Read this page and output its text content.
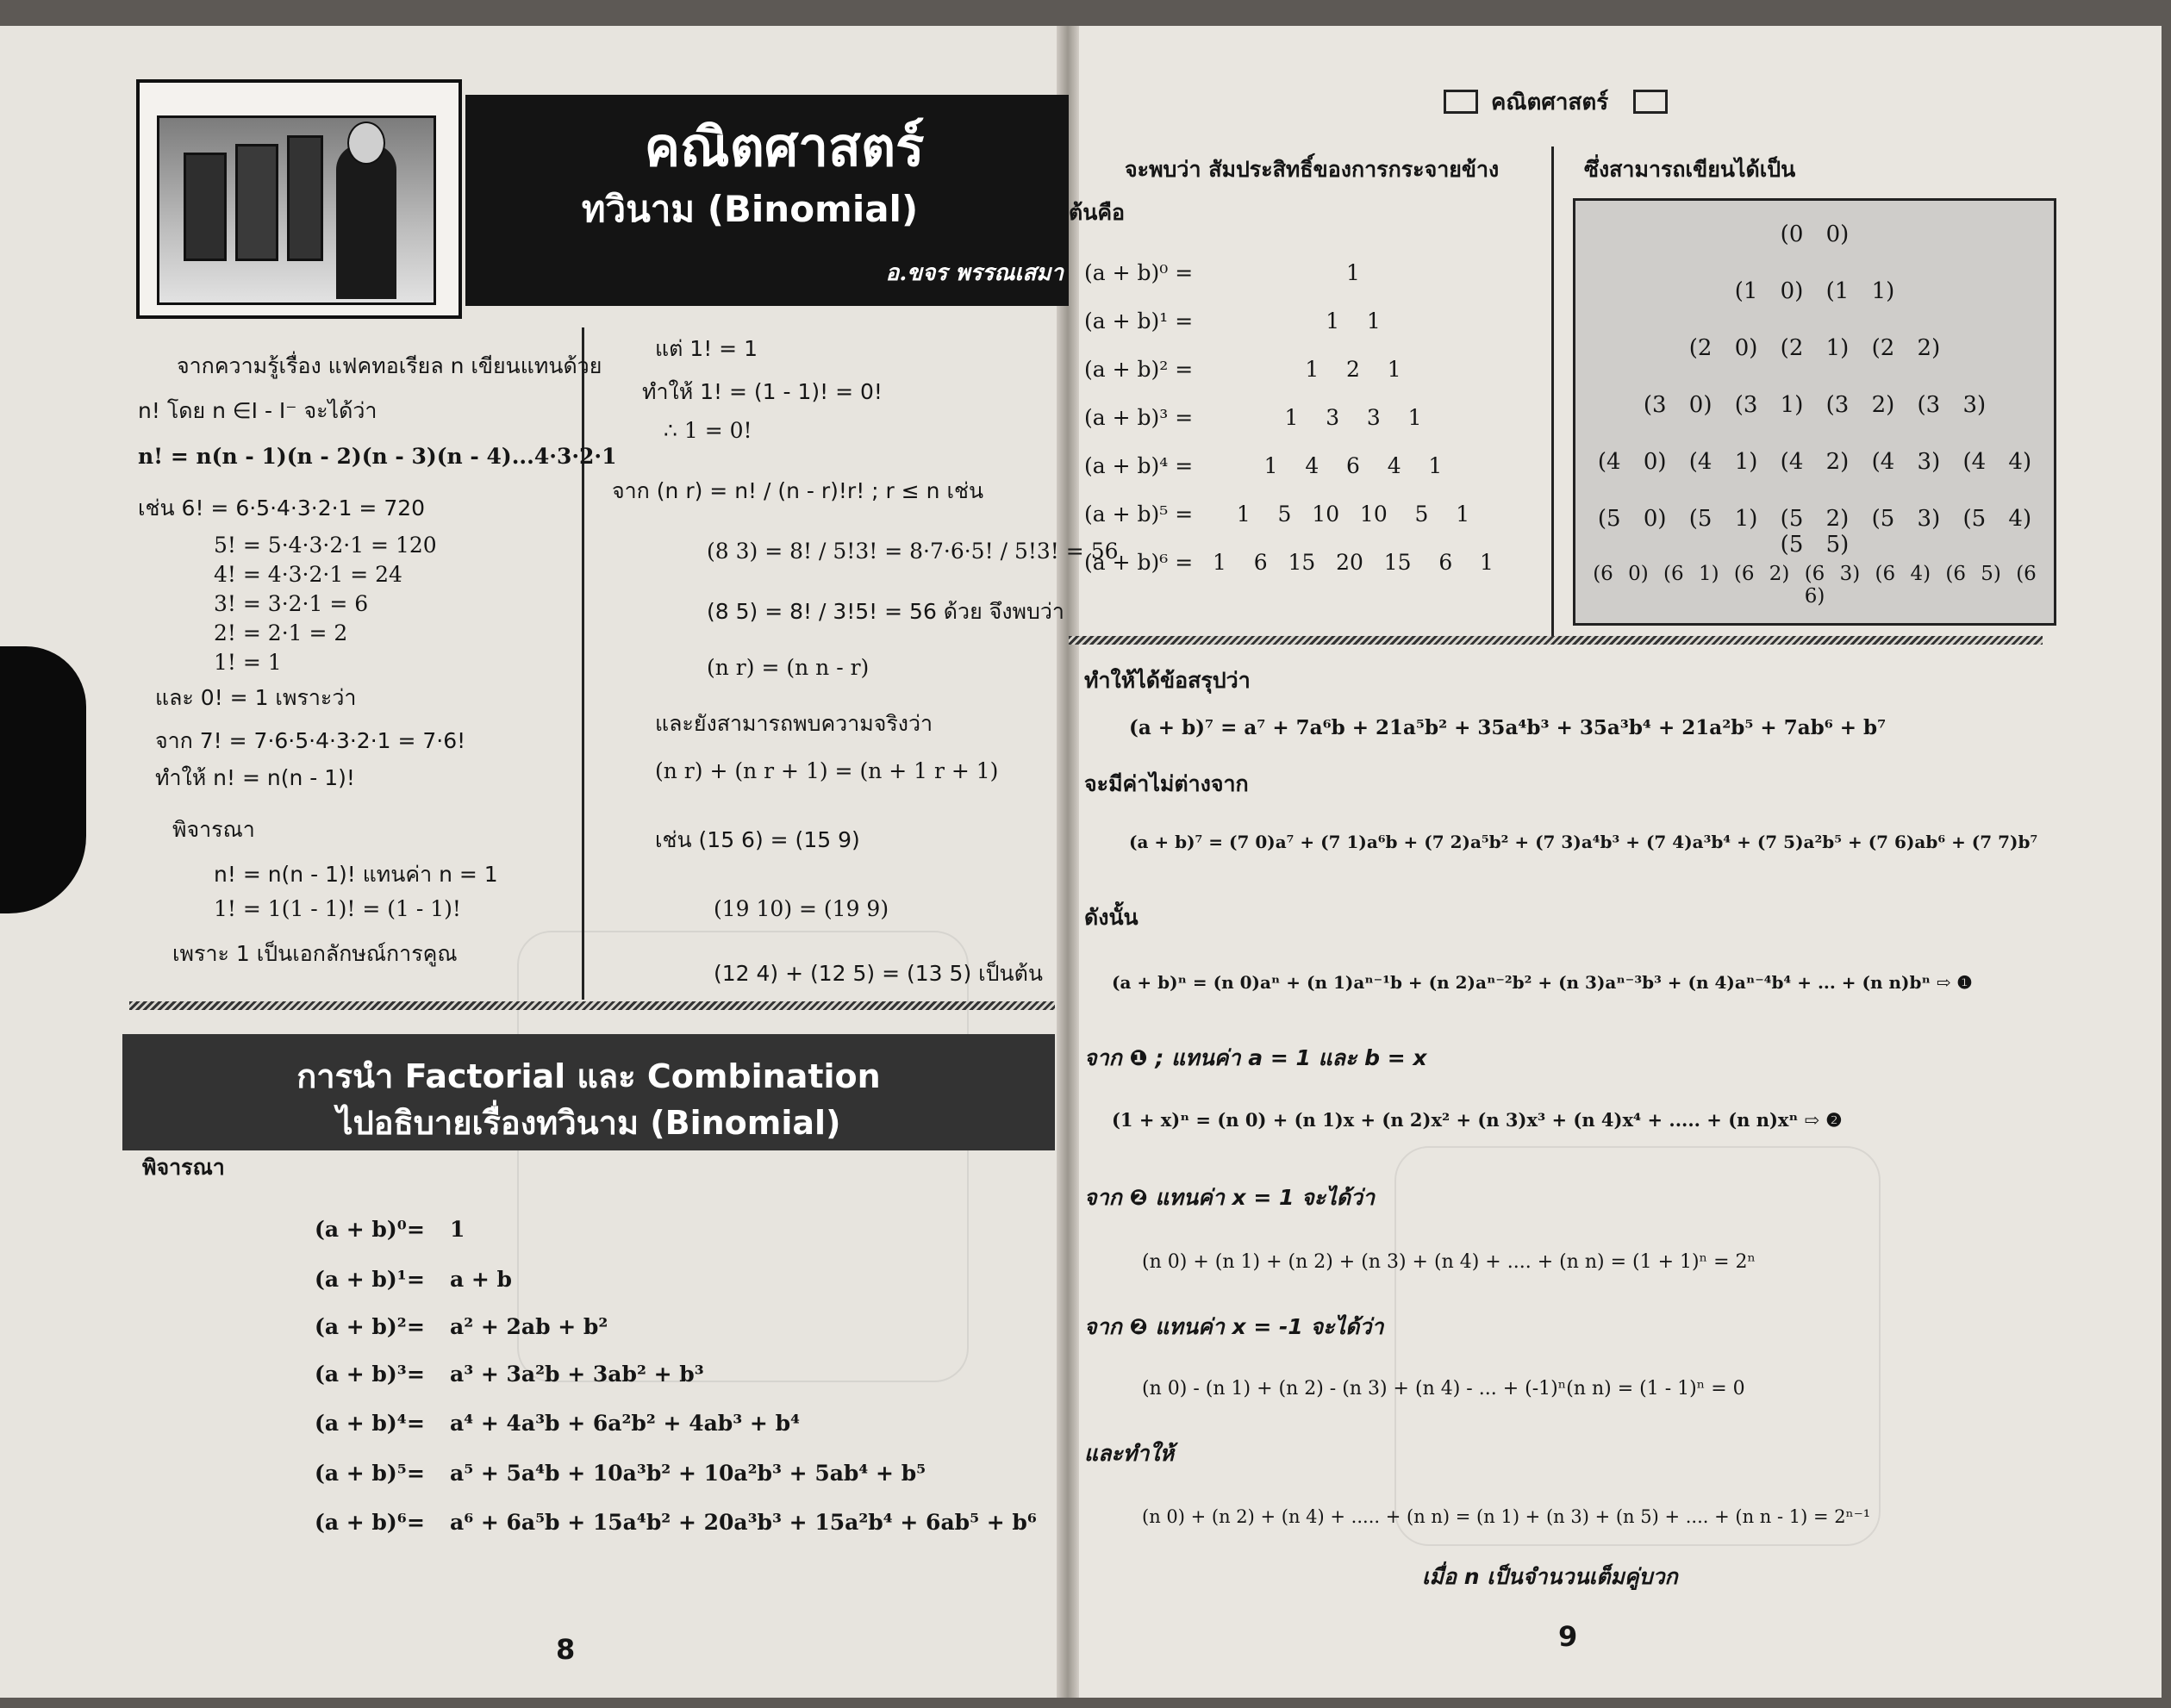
คณิตศาสตร์
ทวินาม (Binomial)
อ.ขจร พรรณเสมา
จากความรู้เรื่อง แฟคทอเรียล n เขียนแทนด้วย
n! โดย n ∈I - I⁻ จะได้ว่า
n! = n(n - 1)(n - 2)(n - 3)(n - 4)...4·3·2·1
เช่น 6! = 6·5·4·3·2·1 = 720
5! = 5·4·3·2·1 = 120
4! = 4·3·2·1 = 24
3! = 3·2·1 = 6
2! = 2·1 = 2
1! = 1
และ 0! = 1 เพราะว่า
จาก 7! = 7·6·5·4·3·2·1 = 7·6!
ทำให้ n! = n(n - 1)!
พิจารณา
n! = n(n - 1)! แทนค่า n = 1
1! = 1(1 - 1)! = (1 - 1)!
เพราะ 1 เป็นเอกลักษณ์การคูณ
แต่ 1! = 1
ทำให้ 1! = (1 - 1)! = 0!
∴ 1 = 0!
จาก (n r) = n! / (n - r)!r! ; r ≤ n เช่น
(8 3) = 8! / 5!3! = 8·7·6·5! / 5!3! = 56
(8 5) = 8! / 3!5! = 56 ด้วย จึงพบว่า
(n r) = (n n - r)
และยังสามารถพบความจริงว่า
(n r) + (n r + 1) = (n + 1 r + 1)
เช่น (15 6) = (15 9)
(19 10) = (19 9)
(12 4) + (12 5) = (13 5) เป็นต้น
การนำ Factorial และ Combination
ไปอธิบายเรื่องทวินาม (Binomial)
พิจารณา
(a + b)⁰ = 1
(a + b)¹ = a + b
(a + b)² = a² + 2ab + b²
(a + b)³ = a³ + 3a²b + 3ab² + b³
(a + b)⁴ = a⁴ + 4a³b + 6a²b² + 4ab³ + b⁴
(a + b)⁵ = a⁵ + 5a⁴b + 10a³b² + 10a²b³ + 5ab⁴ + b⁵
(a + b)⁶ = a⁶ + 6a⁵b + 15a⁴b² + 20a³b³ + 15a²b⁴ + 6ab⁵ + b⁶
8
คณิตศาสตร์
จะพบว่า สัมประสิทธิ์ของการกระจายข้าง
ต้นคือ
(a + b)⁰ =
(a + b)¹ =
(a + b)² =
(a + b)³ =
(a + b)⁴ =
(a + b)⁵ =
(a + b)⁶ =
1
1    1
1    2    1
1    3    3    1
1    4    6    4    1
1    5   10   10    5    1
1    6   15   20   15    6    1
ซึ่งสามารถเขียนได้เป็น
(0 0)
(1 0) (1 1)
(2 0) (2 1) (2 2)
(3 0) (3 1) (3 2) (3 3)
(4 0) (4 1) (4 2) (4 3) (4 4)
(5 0) (5 1) (5 2) (5 3) (5 4) (5 5)
(6 0) (6 1) (6 2) (6 3) (6 4) (6 5) (6 6)
ทำให้ได้ข้อสรุปว่า
(a + b)⁷ = a⁷ + 7a⁶b + 21a⁵b² + 35a⁴b³ + 35a³b⁴ + 21a²b⁵ + 7ab⁶ + b⁷
จะมีค่าไม่ต่างจาก
(a + b)⁷ = (7 0)a⁷ + (7 1)a⁶b + (7 2)a⁵b² + (7 3)a⁴b³ + (7 4)a³b⁴ + (7 5)a²b⁵ + (7 6)ab⁶ + (7 7)b⁷
ดังนั้น
(a + b)ⁿ = (n 0)aⁿ + (n 1)aⁿ⁻¹b + (n 2)aⁿ⁻²b² + (n 3)aⁿ⁻³b³ + (n 4)aⁿ⁻⁴b⁴ + ... + (n n)bⁿ ⇨ ❶
จาก ❶ ; แทนค่า a = 1 และ b = x
(1 + x)ⁿ = (n 0) + (n 1)x + (n 2)x² + (n 3)x³ + (n 4)x⁴ + ..... + (n n)xⁿ ⇨ ❷
จาก ❷ แทนค่า x = 1 จะได้ว่า
(n 0) + (n 1) + (n 2) + (n 3) + (n 4) + .... + (n n) = (1 + 1)ⁿ = 2ⁿ
จาก ❷ แทนค่า x = -1 จะได้ว่า
(n 0) - (n 1) + (n 2) - (n 3) + (n 4) - ... + (-1)ⁿ(n n) = (1 - 1)ⁿ = 0
และทำให้
(n 0) + (n 2) + (n 4) + ..... + (n n) = (n 1) + (n 3) + (n 5) + .... + (n n - 1) = 2ⁿ⁻¹
เมื่อ n เป็นจำนวนเต็มคู่บวก
9
